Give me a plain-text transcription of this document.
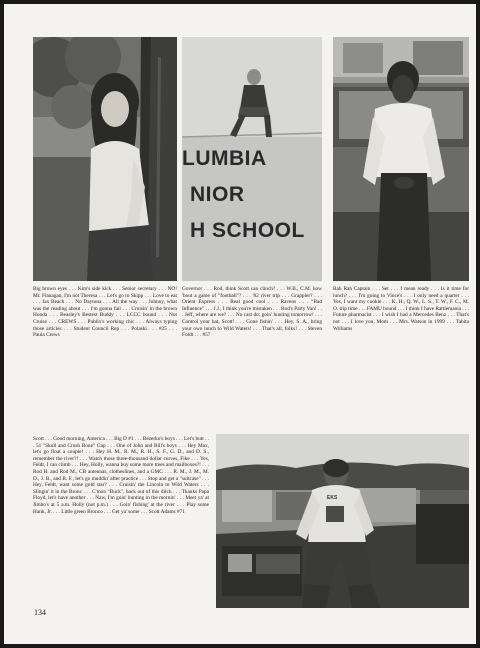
LUMBIA
NIOR
H SCHOOL

Big brown eyes . . . Kim's side kick . . . Senior secretary . . . NO! Mr. Flanagan, I'm not Theresa . . . Let's go to Skipp . . . Love to eat . . . Jax Beach . . . No Daytona . . . All the way . . . Johnny, what was the reading about . . . I'm gonna fail . . . Cruisin' in the brown Honda . . . Beasley's Bestest Buddy . . . LCCC bound . . . Not Cruise . . . CREWS . . . Publix's working chic . . . Always typing those articles . . . Student Council Rep . . . Polaski . . . #25 . . . Paula Crews

Governor . . . Rod, think Scott can clinch? . . . W.B., C.M. how 'bout a game of "football"? . . . '82 river trip . . . Grappler? . . . Orient Express . . . Real good cool . . . Ravens . . . "Bad Influence" . . . J.J., I think you're mistaken . . . Rod's Party Van! . . . Jeff, where are we? . . . No cast do; goin' hunting tomorrow! . . . Control your hat, Scott! . . . Gone fishin' . . . Hey, S. A., bring your own lunch to Wild Waters! . . . That's all, folks! . . . Steven Foldt . . . #57

Rah Rah Captain . . . Set . . . I mean ready . . . Is it time for lunch? . . . I'm going to Vince's . . . I only need a quarter . . . Yes, I want my cookie . . . K. H., Q. W., L. S., T. W., F. C., M. O. trip time . . . FAMU bound . . . I think I have Rattlemania . . . Future pharmacist . . . I wish I had a Mercedes Benz . . . That's not . . . I love you, Mom . . . Mrs. Watson in 1999 . . . Tabita Williams

Scott . . . Good morning, America . . . Big D #1 . . . Bezerko's boys . . . Let's butt . . . 51 "Skull and Crush Bone" Gap . . . One of John and Bill's boys . . . Hey Max, let's go float a couple! . . . Hey H. M., R. M., R. H., S. F., G. D., and D. S., remember the river?! . . . Watch those three-thousand dollar curves, Fike . . . Yes, Feldt, I can climb . . . Hey, Holly, wanna buy some more trees and mailboxes?! . . . Rod H. and Rod M., CB antennas, clotheslines, and a GMC . . . R. M., J. M., M. D., J. B., and B. F., let's go muddin' after practice . . . Stop and get a "suitcase" . . . Hey, Feldt, want some gold star? . . . Cruisin' the Lincoln to Wild Waters . . . Slingin' it in the Bronc . . . C'mon "Buck", back out of this ditch . . . Thanks Papa Floyd, let's have another . . . Naw, I'm goin' hunting in the mornin' . . . Meet ya' at Jimbo's at 5 a.m. Holly (not p.m.) . . . Goin' fishing' at the river . . . Play some Hank, Jr. . . . Little green Bronco . . . Get ya' some . . . Scott Adams #71

EKS
134
